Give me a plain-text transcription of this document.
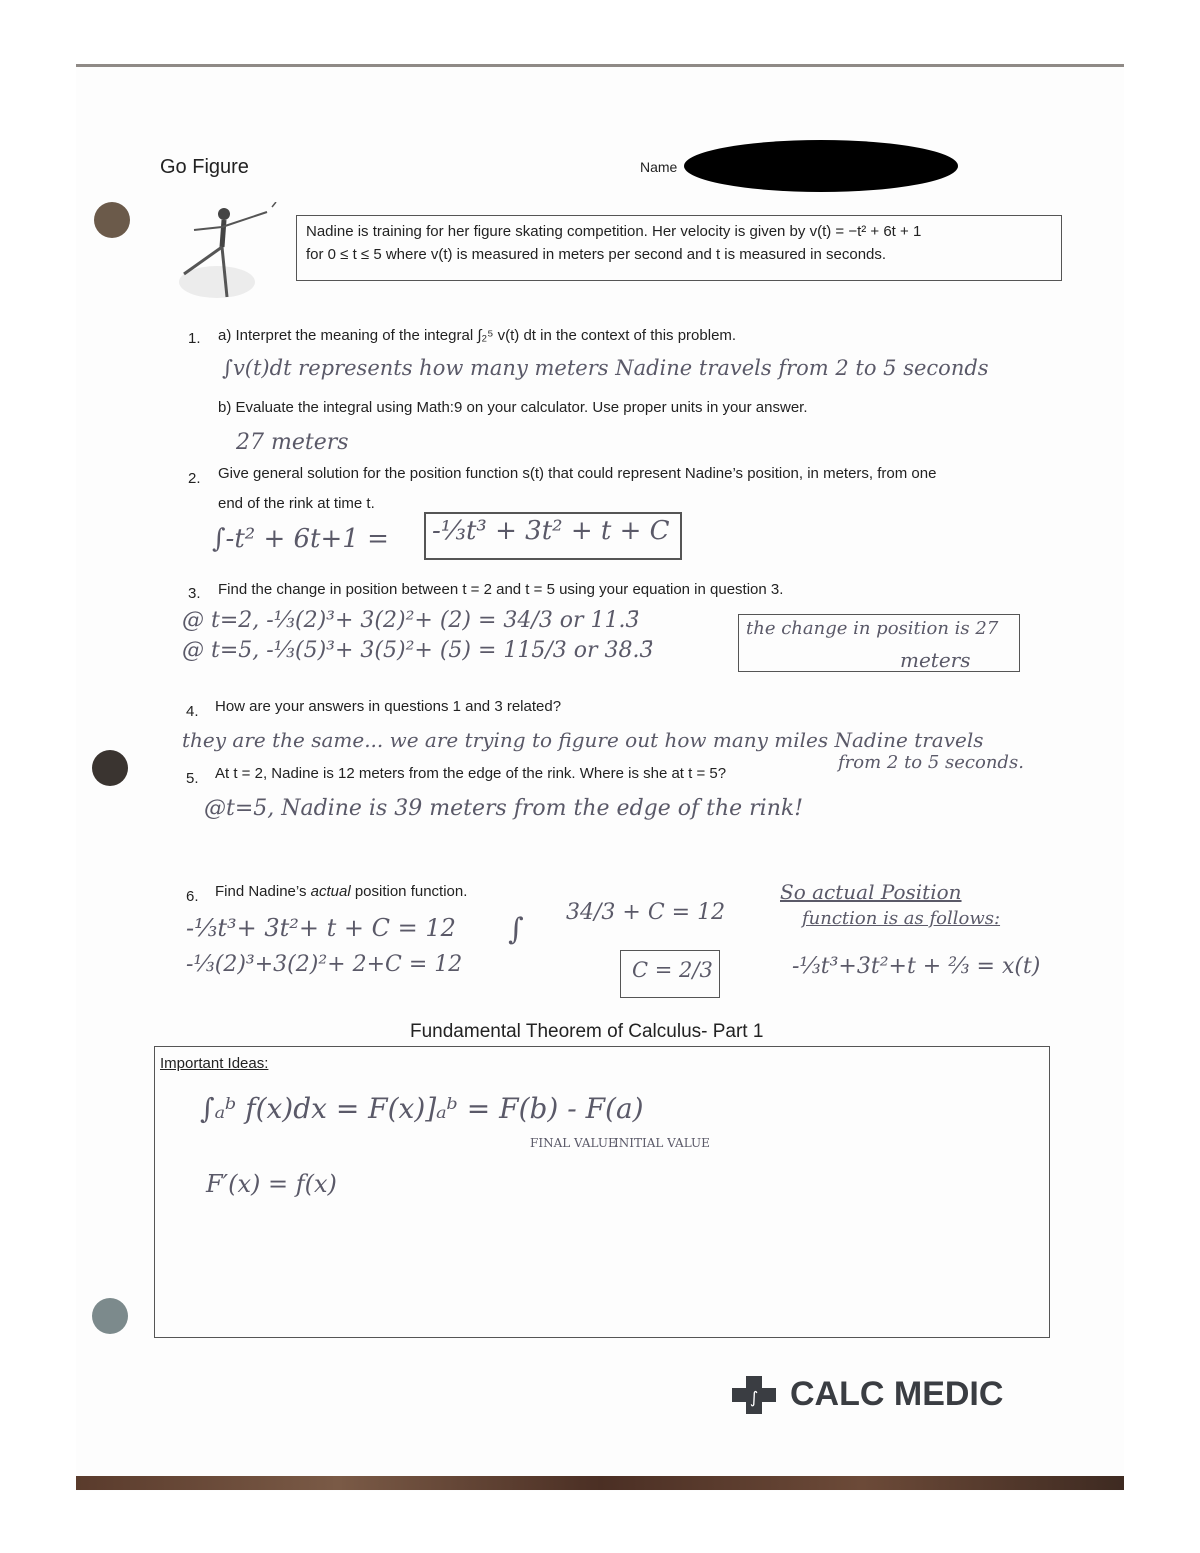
Go Figure	Name
Nadine is training for her figure skating competition. Her velocity is given by v(t) = −t² + 6t + 1
for 0 ≤ t ≤ 5 where v(t) is measured in meters per second and t is measured in seconds.
1. a) Interpret the meaning of the integral ∫₂⁵ v(t) dt in the context of this problem.
∫v(t)dt represents how many meters Nadine travels from 2 to 5 seconds
b) Evaluate the integral using Math:9 on your calculator. Use proper units in your answer.
27 meters
2. Give general solution for the position function s(t) that could represent Nadine’s position, in meters, from one
end of the rink at time t.
∫-t² + 6t+1 = -⅓t³ + 3t² + t + C
3. Find the change in position between t = 2 and t = 5 using your equation in question 3.
@ t=2, -⅓(2)³+ 3(2)²+ (2) = 34/3 or 11.3̄
@ t=5, -⅓(5)³+ 3(5)²+ (5) = 115/3 or 38.3̄
the change in position is 27
meters
4. How are your answers in questions 1 and 3 related?
they are the same... we are trying to figure out how many miles Nadine travels
from 2 to 5 seconds.
5. At t = 2, Nadine is 12 meters from the edge of the rink. Where is she at t = 5?
@t=5, Nadine is 39 meters from the edge of the rink!
6. Find Nadine’s actual position function.
-⅓t³+ 3t²+ t + C = 12
-⅓(2)³+3(2)²+ 2+C = 12
∫ 34/3 + C = 12
C = 2/3
So actual Position
function is as follows:
-⅓t³+3t²+t + ⅔ = x(t)
Fundamental Theorem of Calculus- Part 1
Important Ideas:
∫ₐᵇ f(x)dx = F(x)]ₐᵇ = F(b) - F(a)
FINAL VALUE
INITIAL VALUE
F′(x) = f(x)
∫ CALC MEDIC
